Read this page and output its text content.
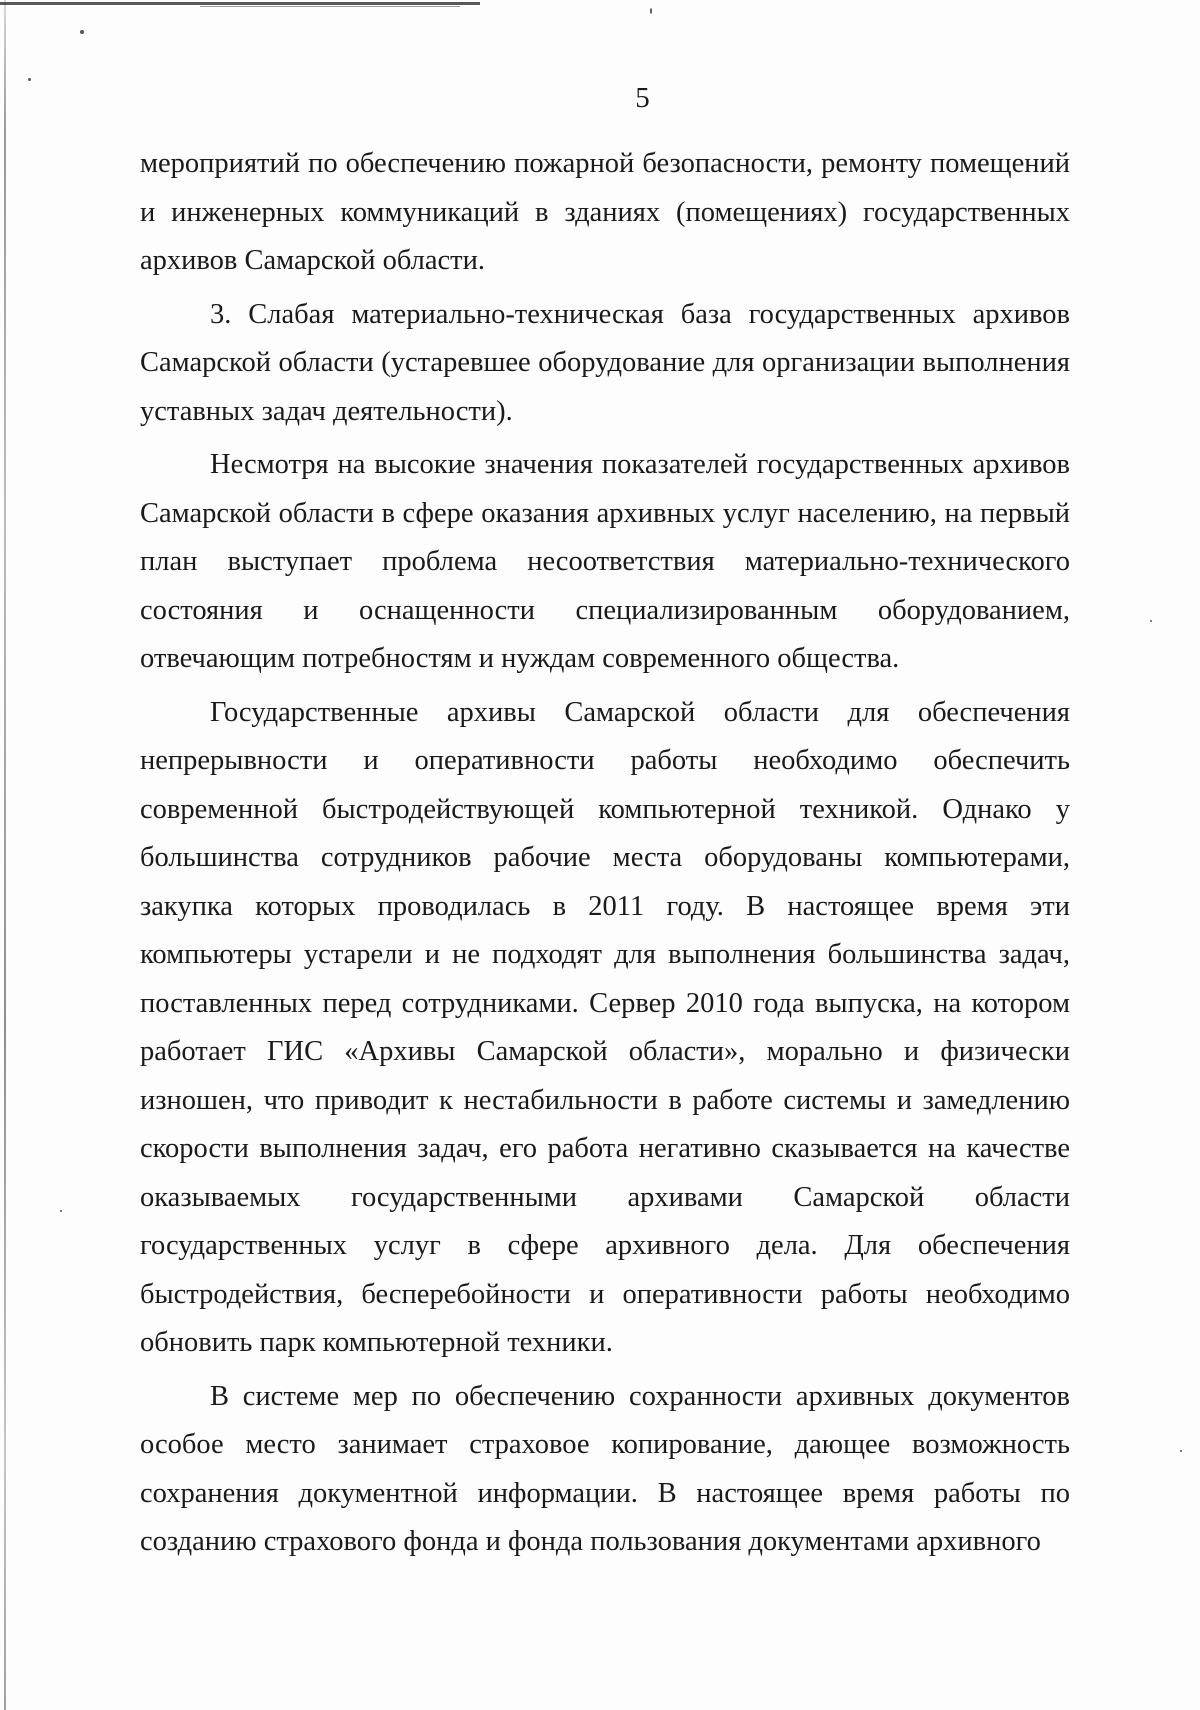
5

мероприятий по обеспечению пожарной безопасности, ремонту помещений и инженерных коммуникаций в зданиях (помещениях) государственных архивов Самарской области.

3. Слабая материально-техническая база государственных архивов Самарской области (устаревшее оборудование для организации выполнения уставных задач деятельности).

Несмотря на высокие значения показателей государственных архивов Самарской области в сфере оказания архивных услуг населению, на первый план выступает проблема несоответствия материально-технического состояния и оснащенности специализированным оборудованием, отвечающим потребностям и нуждам современного общества.

Государственные архивы Самарской области для обеспечения непрерывности и оперативности работы необходимо обеспечить современной быстродействующей компьютерной техникой. Однако у большинства сотрудников рабочие места оборудованы компьютерами, закупка которых проводилась в 2011 году. В настоящее время эти компьютеры устарели и не подходят для выполнения большинства задач, поставленных перед сотрудниками. Сервер 2010 года выпуска, на котором работает ГИС «Архивы Самарской области», морально и физически изношен, что приводит к нестабильности в работе системы и замедлению скорости выполнения задач, его работа негативно сказывается на качестве оказываемых государственными архивами Самарской области государственных услуг в сфере архивного дела. Для обеспечения быстродействия, бесперебойности и оперативности работы необходимо обновить парк компьютерной техники.

В системе мер по обеспечению сохранности архивных документов особое место занимает страховое копирование, дающее возможность сохранения документной информации. В настоящее время работы по созданию страхового фонда и фонда пользования документами архивного
